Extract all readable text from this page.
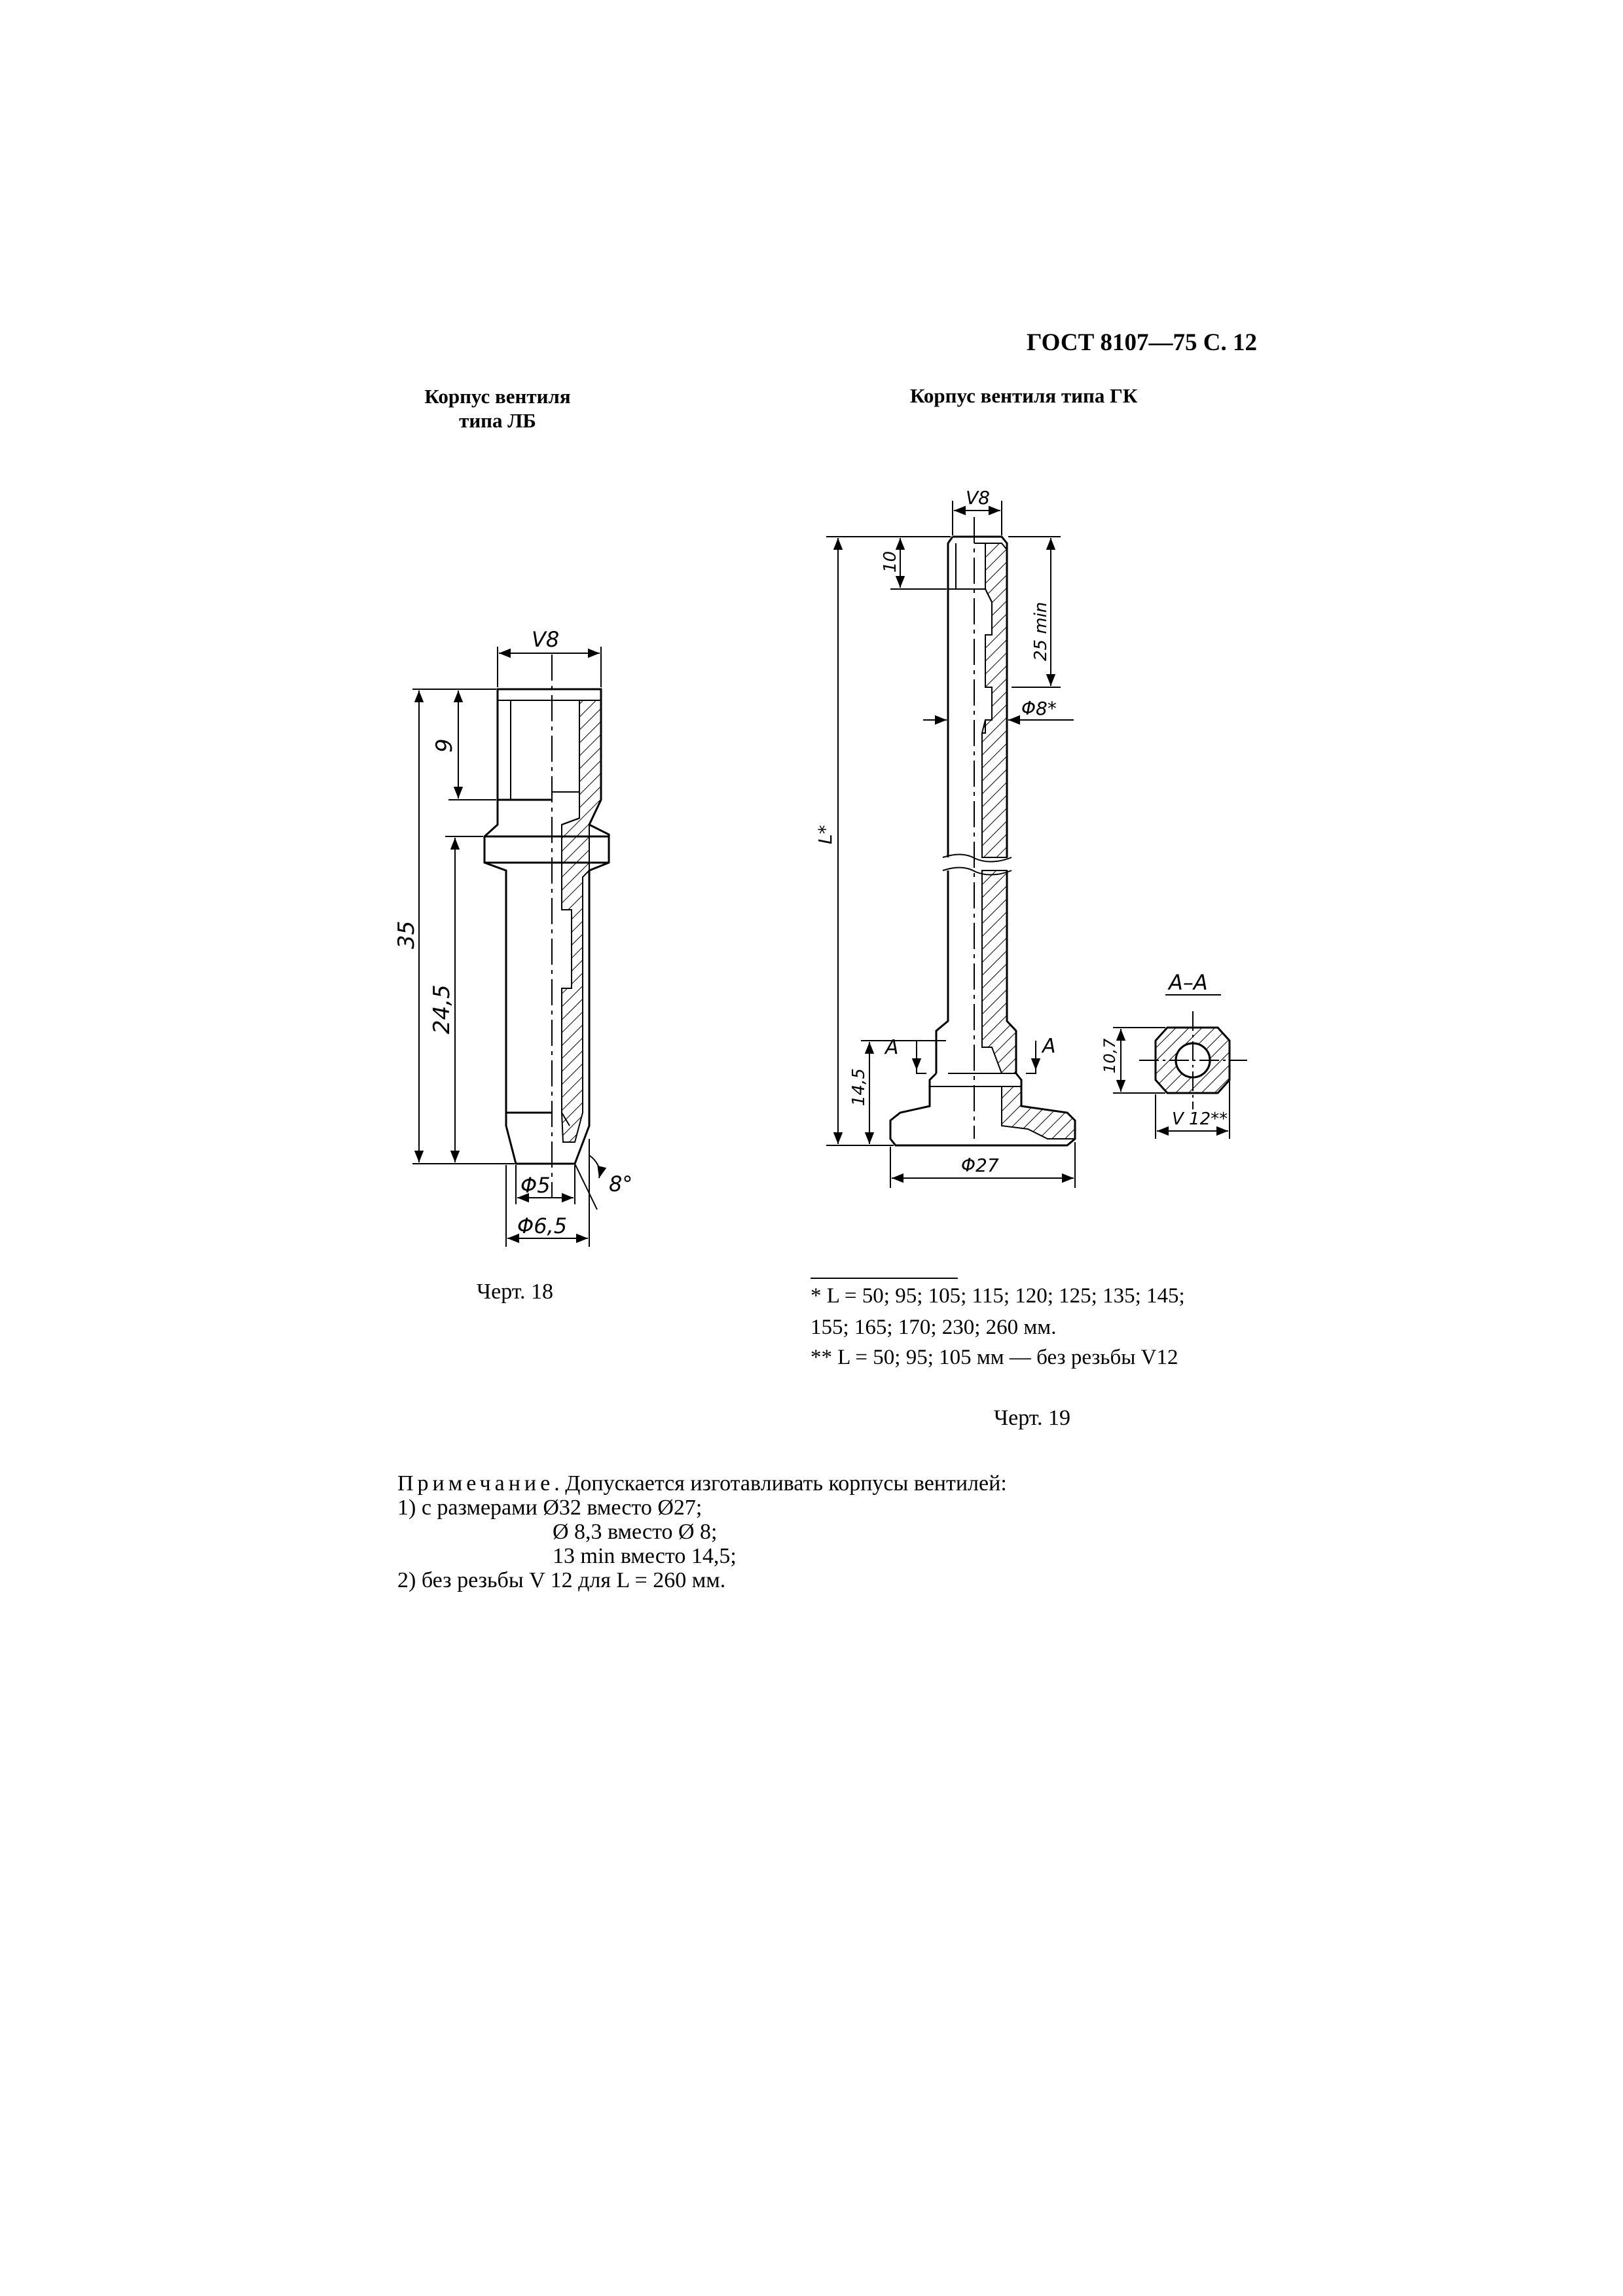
ГОСТ 8107—75 С. 12
Корпус вентиля
типа ЛБ
Корпус вентиля типа ГК
V8
9
35
24,5
Φ5
Φ6,5
8°
V8
10
L*
14,5
25 min
Φ8*
Φ27
A	A
A–A
10,7
V 12**
Черт. 18	* L = 50; 95; 105; 115; 120; 125; 135; 145;
155; 165; 170; 230; 260 мм.
** L = 50; 95; 105 мм — без резьбы V12
Черт. 19
Примечание. Допускается изготавливать корпусы вентилей:
1) с размерами Ø32 вместо Ø27;
Ø 8,3 вместо Ø 8;
13 min вместо 14,5;
2) без резьбы V 12 для L = 260 мм.
